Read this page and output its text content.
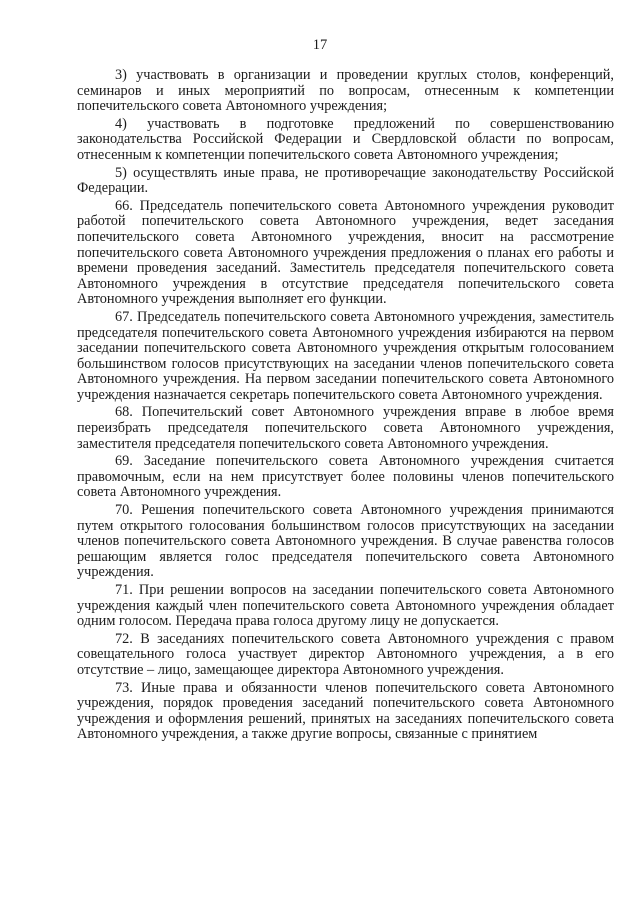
17

3) участвовать в организации и проведении круглых столов, конференций, семинаров и иных мероприятий по вопросам, отнесенным к компетенции попечительского совета Автономного учреждения;

4) участвовать в подготовке предложений по совершенствованию законодательства Российской Федерации и Свердловской области по вопросам, отнесенным к компетенции попечительского совета Автономного учреждения;

5) осуществлять иные права, не противоречащие законодательству Российской Федерации.

66. Председатель попечительского совета Автономного учреждения руководит работой попечительского совета Автономного учреждения, ведет заседания попечительского совета Автономного учреждения, вносит на рассмотрение попечительского совета Автономного учреждения предложения о планах его работы и времени проведения заседаний. Заместитель председателя попечительского совета Автономного учреждения в отсутствие председателя попечительского совета Автономного учреждения выполняет его функции.

67. Председатель попечительского совета Автономного учреждения, заместитель председателя попечительского совета Автономного учреждения избираются на первом заседании попечительского совета Автономного учреждения открытым голосованием большинством голосов присутствующих на заседании членов попечительского совета Автономного учреждения. На первом заседании попечительского совета Автономного учреждения назначается секретарь попечительского совета Автономного учреждения.

68. Попечительский совет Автономного учреждения вправе в любое время переизбрать председателя попечительского совета Автономного учреждения, заместителя председателя попечительского совета Автономного учреждения.

69. Заседание попечительского совета Автономного учреждения считается правомочным, если на нем присутствует более половины членов попечительского совета Автономного учреждения.

70. Решения попечительского совета Автономного учреждения принимаются путем открытого голосования большинством голосов присутствующих на заседании членов попечительского совета Автономного учреждения. В случае равенства голосов решающим является голос председателя попечительского совета Автономного учреждения.

71. При решении вопросов на заседании попечительского совета Автономного учреждения каждый член попечительского совета Автономного учреждения обладает одним голосом. Передача права голоса другому лицу не допускается.

72. В заседаниях попечительского совета Автономного учреждения с правом совещательного голоса участвует директор Автономного учреждения, а в его отсутствие – лицо, замещающее директора Автономного учреждения.

73. Иные права и обязанности членов попечительского совета Автономного учреждения, порядок проведения заседаний попечительского совета Автономного учреждения и оформления решений, принятых на заседаниях попечительского совета Автономного учреждения, а также другие вопросы, связанные с принятием
